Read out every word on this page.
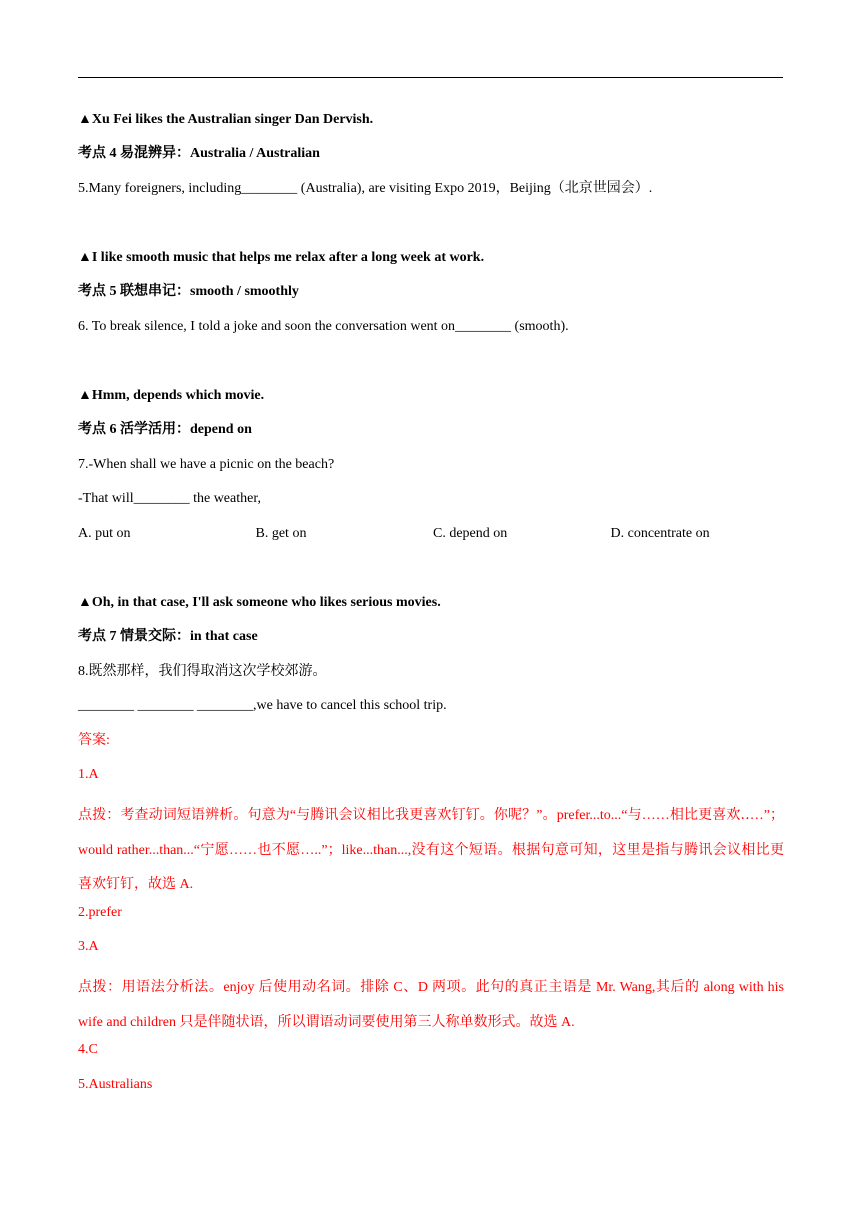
▲Xu Fei likes the Australian singer Dan Dervish.
考点 4 易混辨异：Australia / Australian
5.Many foreigners, including________ (Australia), are visiting Expo 2019，Beijing（北京世园会）.
▲I like smooth music that helps me relax after a long week at work.
考点 5 联想串记：smooth / smoothly
6. To break silence, I told a joke and soon the conversation went on________ (smooth).
▲Hmm, depends which movie.
考点 6 活学活用：depend on
7.-When shall we have a picnic on the beach?
-That will________ the weather,
A. put on	B. get on	C. depend on	D. concentrate on
▲Oh, in that case, I'll ask someone who likes serious movies.
考点 7 情景交际：in that case
8.既然那样，我们得取消这次学校郊游。
________ ________ ________,we have to cancel this school trip.
答案:
1.A
点拨：考查动词短语辨析。句意为“与腾讯会议相比我更喜欢钉钉。你呢？”。prefer...to...“与……相比更喜欢‥…”；would rather...than...“宁愿……也不愿…..”；like...than...,没有这个短语。根据句意可知，这里是指与腾讯会议相比更喜欢钉钉，故选 A.
2.prefer
3.A
点拨：用语法分析法。enjoy 后使用动名词。排除 C、D 两项。此句的真正主语是 Mr. Wang,其后的 along with his wife and children 只是伴随状语，所以谓语动词要使用第三人称单数形式。故选 A.
4.C
5.Australians
